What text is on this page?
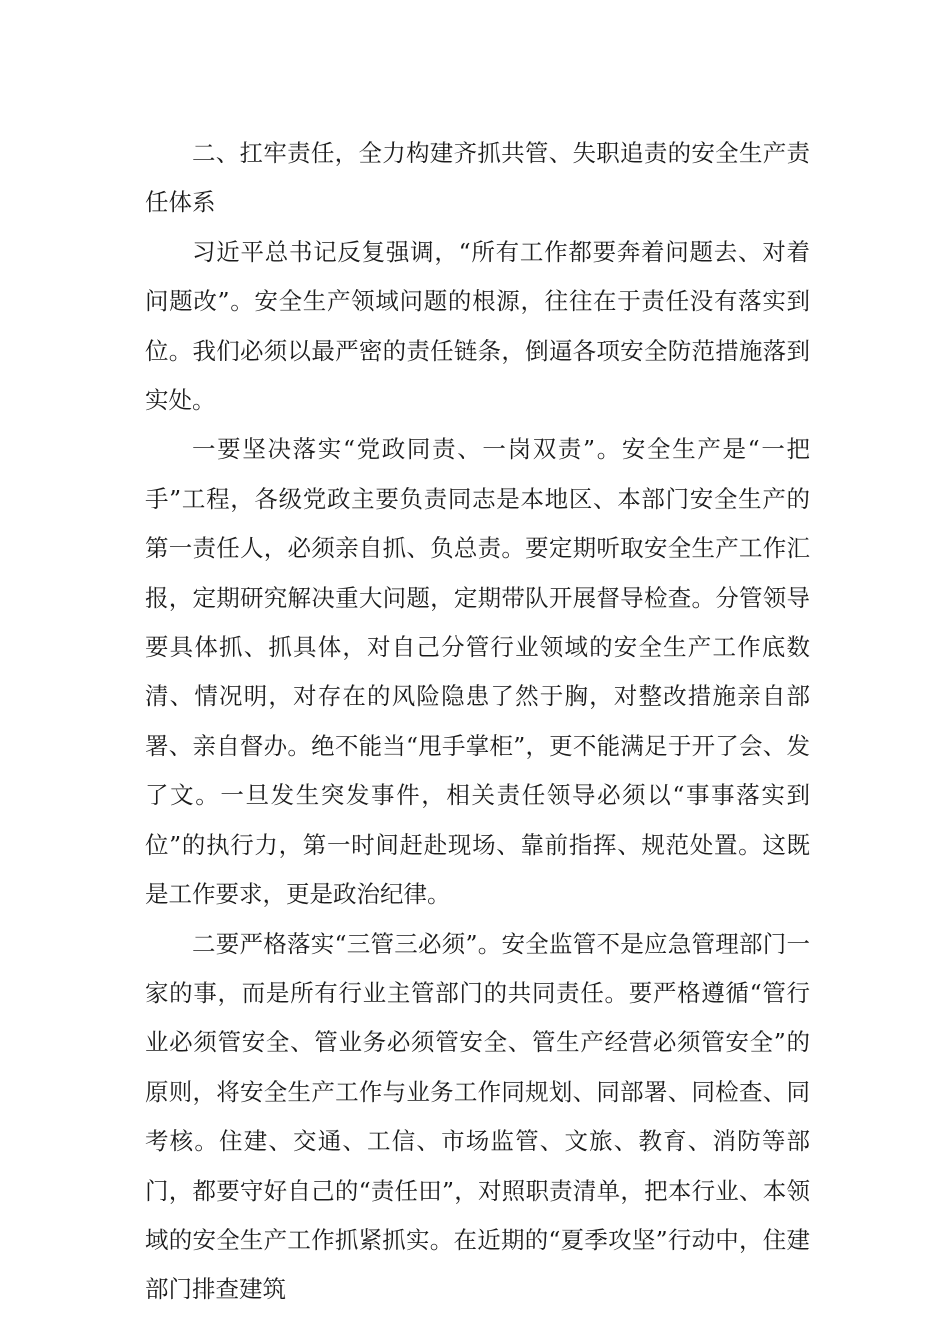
二、扛牢责任，全力构建齐抓共管、失职追责的安全生产责任体系

习近平总书记反复强调，“所有工作都要奔着问题去、对着问题改”。安全生产领域问题的根源，往往在于责任没有落实到位。我们必须以最严密的责任链条，倒逼各项安全防范措施落到实处。

一要坚决落实“党政同责、一岗双责”。安全生产是“一把手”工程，各级党政主要负责同志是本地区、本部门安全生产的第一责任人，必须亲自抓、负总责。要定期听取安全生产工作汇报，定期研究解决重大问题，定期带队开展督导检查。分管领导要具体抓、抓具体，对自己分管行业领域的安全生产工作底数清、情况明，对存在的风险隐患了然于胸，对整改措施亲自部署、亲自督办。绝不能当“甩手掌柜”，更不能满足于开了会、发了文。一旦发生突发事件，相关责任领导必须以“事事落实到位”的执行力，第一时间赶赴现场、靠前指挥、规范处置。这既是工作要求，更是政治纪律。

二要严格落实“三管三必须”。安全监管不是应急管理部门一家的事，而是所有行业主管部门的共同责任。要严格遵循“管行业必须管安全、管业务必须管安全、管生产经营必须管安全”的原则，将安全生产工作与业务工作同规划、同部署、同检查、同考核。住建、交通、工信、市场监管、文旅、教育、消防等部门，都要守好自己的“责任田”，对照职责清单，把本行业、本领域的安全生产工作抓紧抓实。在近期的“夏季攻坚”行动中，住建部门排查建筑
